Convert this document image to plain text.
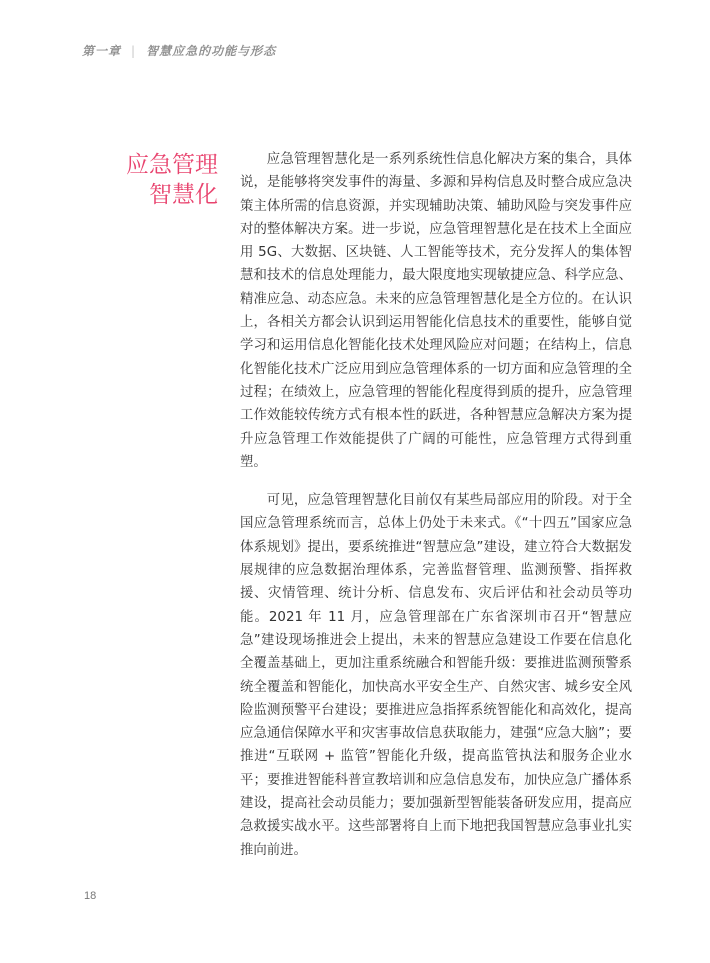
第一章 | 智慧应急的功能与形态
应急管理
智慧化

应急管理智慧化是一系列系统性信息化解决方案的集合，具体说，是能够将突发事件的海量、多源和异构信息及时整合成应急决策主体所需的信息资源，并实现辅助决策、辅助风险与突发事件应对的整体解决方案。进一步说，应急管理智慧化是在技术上全面应用 5G、大数据、区块链、人工智能等技术，充分发挥人的集体智慧和技术的信息处理能力，最大限度地实现敏捷应急、科学应急、精准应急、动态应急。未来的应急管理智慧化是全方位的。在认识上，各相关方都会认识到运用智能化信息技术的重要性，能够自觉学习和运用信息化智能化技术处理风险应对问题；在结构上，信息化智能化技术广泛应用到应急管理体系的一切方面和应急管理的全过程；在绩效上，应急管理的智能化程度得到质的提升，应急管理工作效能较传统方式有根本性的跃进，各种智慧应急解决方案为提升应急管理工作效能提供了广阔的可能性，应急管理方式得到重塑。

可见，应急管理智慧化目前仅有某些局部应用的阶段。对于全国应急管理系统而言，总体上仍处于未来式。《“十四五”国家应急体系规划》提出，要系统推进“智慧应急”建设，建立符合大数据发展规律的应急数据治理体系，完善监督管理、监测预警、指挥救援、灾情管理、统计分析、信息发布、灾后评估和社会动员等功能。2021 年 11 月，应急管理部在广东省深圳市召开“智慧应急”建设现场推进会上提出，未来的智慧应急建设工作要在信息化全覆盖基础上，更加注重系统融合和智能升级：要推进监测预警系统全覆盖和智能化，加快高水平安全生产、自然灾害、城乡安全风险监测预警平台建设；要推进应急指挥系统智能化和高效化，提高应急通信保障水平和灾害事故信息获取能力，建强“应急大脑”；要推进“互联网 + 监管”智能化升级，提高监管执法和服务企业水平；要推进智能科普宣教培训和应急信息发布，加快应急广播体系建设，提高社会动员能力；要加强新型智能装备研发应用，提高应急救援实战水平。这些部署将自上而下地把我国智慧应急事业扎实推向前进。

18
